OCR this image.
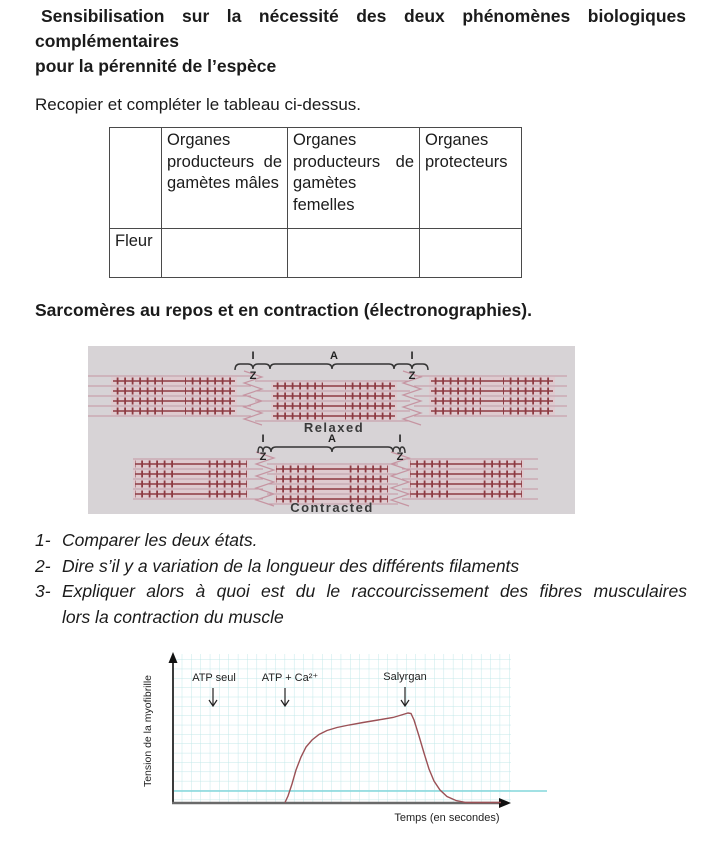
Sensibilisation sur la nécessité des deux phénomènes biologiques
complémentaires
pour la pérennité de l’espèce
Recopier et compléter le tableau ci-dessus.
	Organes producteurs de gamètes mâles	Organes producteurs de gamètes femelles	Organes protecteurs
Fleur			
Sarcomères au repos et en contraction (électronographies).
I	A	I
Z	Z
Relaxed
I	A	I
Z	Z
Contracted
1- Comparer les deux états.
2- Dire s’il y a variation de la longueur des différents filaments
3- Expliquer alors à quoi est du le raccourcissement des fibres musculaires
lors la contraction du muscle
ATP seul ATP + Ca²⁺	Salyrgan
Tension de la myofibrille
Temps (en secondes)
